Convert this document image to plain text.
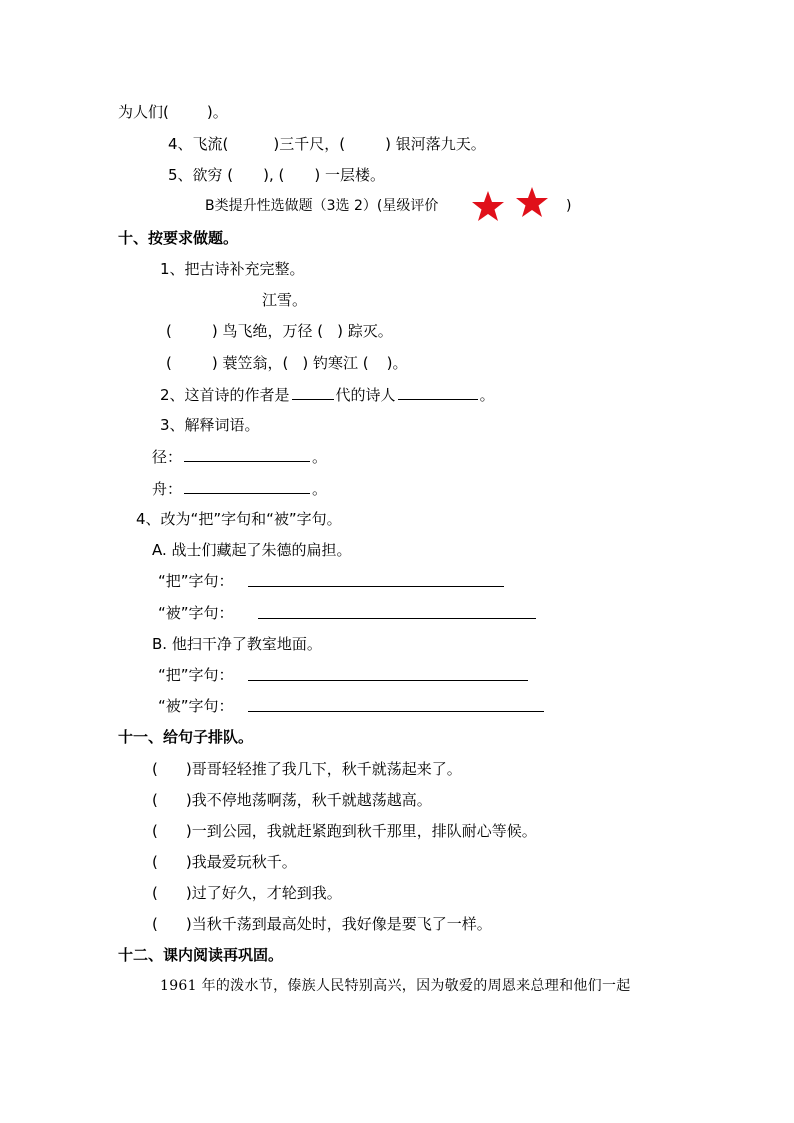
为人们(	)。
4、飞流(	)三千尺，(	) 银河落九天。
5、欲穷 ( ), ( ) 一层楼。
B类提升性选做题（3选 2）(星级评价	)
十、按要求做题。
1、把古诗补充完整。
江雪。
(	) 鸟飞绝，万径 ( ) 踪灭。
(	) 蓑笠翁，( ) 钓寒江 ( )。
2、这首诗的作者是	代的诗人	。
3、解释词语。
径：	。
舟：	。
4、改为“把”字句和“被”字句。
A. 战士们藏起了朱德的扁担。
“把”字句：
“被”字句：
B. 他扫干净了教室地面。
“把”字句：
“被”字句：
十一、给句子排队。
( )哥哥轻轻推了我几下，秋千就荡起来了。
( )我不停地荡啊荡，秋千就越荡越高。
( )一到公园，我就赶紧跑到秋千那里，排队耐心等候。
( )我最爱玩秋千。
( )过了好久，才轮到我。
( )当秋千荡到最高处时，我好像是要飞了一样。
十二、课内阅读再巩固。
1961 年的泼水节，傣族人民特别高兴，因为敬爱的周恩来总理和他们一起
